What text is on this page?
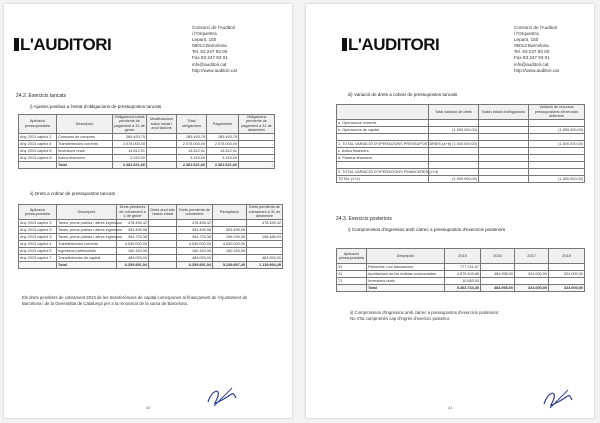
L'AUDITORI
Consorci de l'Auditori
i l'Orquestra
Lepant, 150
08013 Barcelona
Tel. 93 247 93 00
Fax 93 247 93 01
info@auditori.cat
http://www.auditori.cat
24.2. Exercicis tancats
i) Ajustos positius a l'estat d'obligacions de pressupostos tancats
Aplicació pressupostària	Descripció	Obligacions totals pendents de pagament a 31 de gener	Modificacions saldo inicial i anul·lacions	Total obligacions	Pagaments	Obligacions pendents de pagament a 31 de desembre
Any 2013 capítol 2	Consums de compres	285.493,75		285.493,75	285.493,75	-
Any 2013 capítol 4	Transferències corrents	2.078.000,00		2.078.000,00	2.078.000,00	-
Any 2013 capítol 6	Inversions reals	14.812,91		14.812,91	14.812,91	-
Any 2013 capítol 8	Actius financers	3.315,00		3.315,00	3.315,00	-
	Total	2.381.621,66		2.381.621,66	2.381.621,66	-
ii) Drets a cobrar de pressupostos tancats
Aplicació pressupostària	Descripció	Drets pendents de cobrament a 1 de gener	Drets anul·lats i saldo inicial	Drets pendents de cobrament	Recaptació	Drets pendents de cobrament a 31 de desembre
Any 2013 capítol 3	Taxes, preus públics i altres ingressos	478.455,42		478.455,42		478.455,42
Any 2013 capítol 3	Taxes, preus públics i altres ingressos	353.495,08		353.495,08	353.495,08	-
Any 2013 capítol 3	Taxes, preus públics i altres ingressos	354.725,38		354.725,38	196.239,35	158.486,03
Any 2013 capítol 4	Transferències corrents	4.530.000,00		4.530.000,00	4.530.000,00	-
Any 2013 capítol 5	Ingressos patrimonials	160.163,06		160.163,06	160.163,06	-
Any 2013 capítol 7	Transferències de capital	483.053,00		483.053,00		483.053,00
	Total	6.359.891,94		6.359.891,94	5.239.897,49	1.119.994,45
Els drets pendents de cobrament 2013 de les transferències de capital corresponen al finançament de l'Ajuntament de
Barcelona i de la Generalitat de Catalunya per a la renovació de la xarxa de Barcelona.
40
L'AUDITORI
Consorci de l'Auditori
i l'Orquestra
Lepant, 150
08013 Barcelona
Tel. 93 247 93 00
Fax 93 247 93 01
info@auditori.cat
http://www.auditori.cat
iii) Variació de drets a cobrar de pressupostos tancats
	Total variació de drets	Saldo inicial d'obligacions	Variació de recursos pressupostaris d'exercicis anteriors
a. Operacions corrents			
b. Operacions de capital	(1.500.000,00)		(1.500.000,00)

1. TOTAL VARIACIÓ D'OPERACIONS PRESSUPOSTÀRIES (a+b)	(1.500.000,00)		(1.500.000,00)
c. Actius financers			-
d. Passius financers			-

2. TOTAL VARIACIÓ D'OPERACIONS FINANCERES (c+d)			-
TOTAL (1+2)	(1.500.000,00)		(1.500.000,00)
24.3. Exercicis posteriors
i) Compromisos d'ingressos amb càrrec a pressupostos d'exercicis posteriors
Aplicació pressupostària	Descripció	2015	2016	2017	2018
31	Patrocinis i col·laboracions	777.741,67			
41	Aportacions de les entitats consorciades	4.575.409,68	484.958,00	324.000,00	324.000,00
71	Inversions reals	10.583,00			
	Total	5.363.734,35	484.958,00	324.000,00	324.000,00
ii) Compromisos d'ingressos amb càrrec a pressupostos d'exercicis posteriors:
No s'ha compromès cap d'ingrés d'exercici posterior.
41
